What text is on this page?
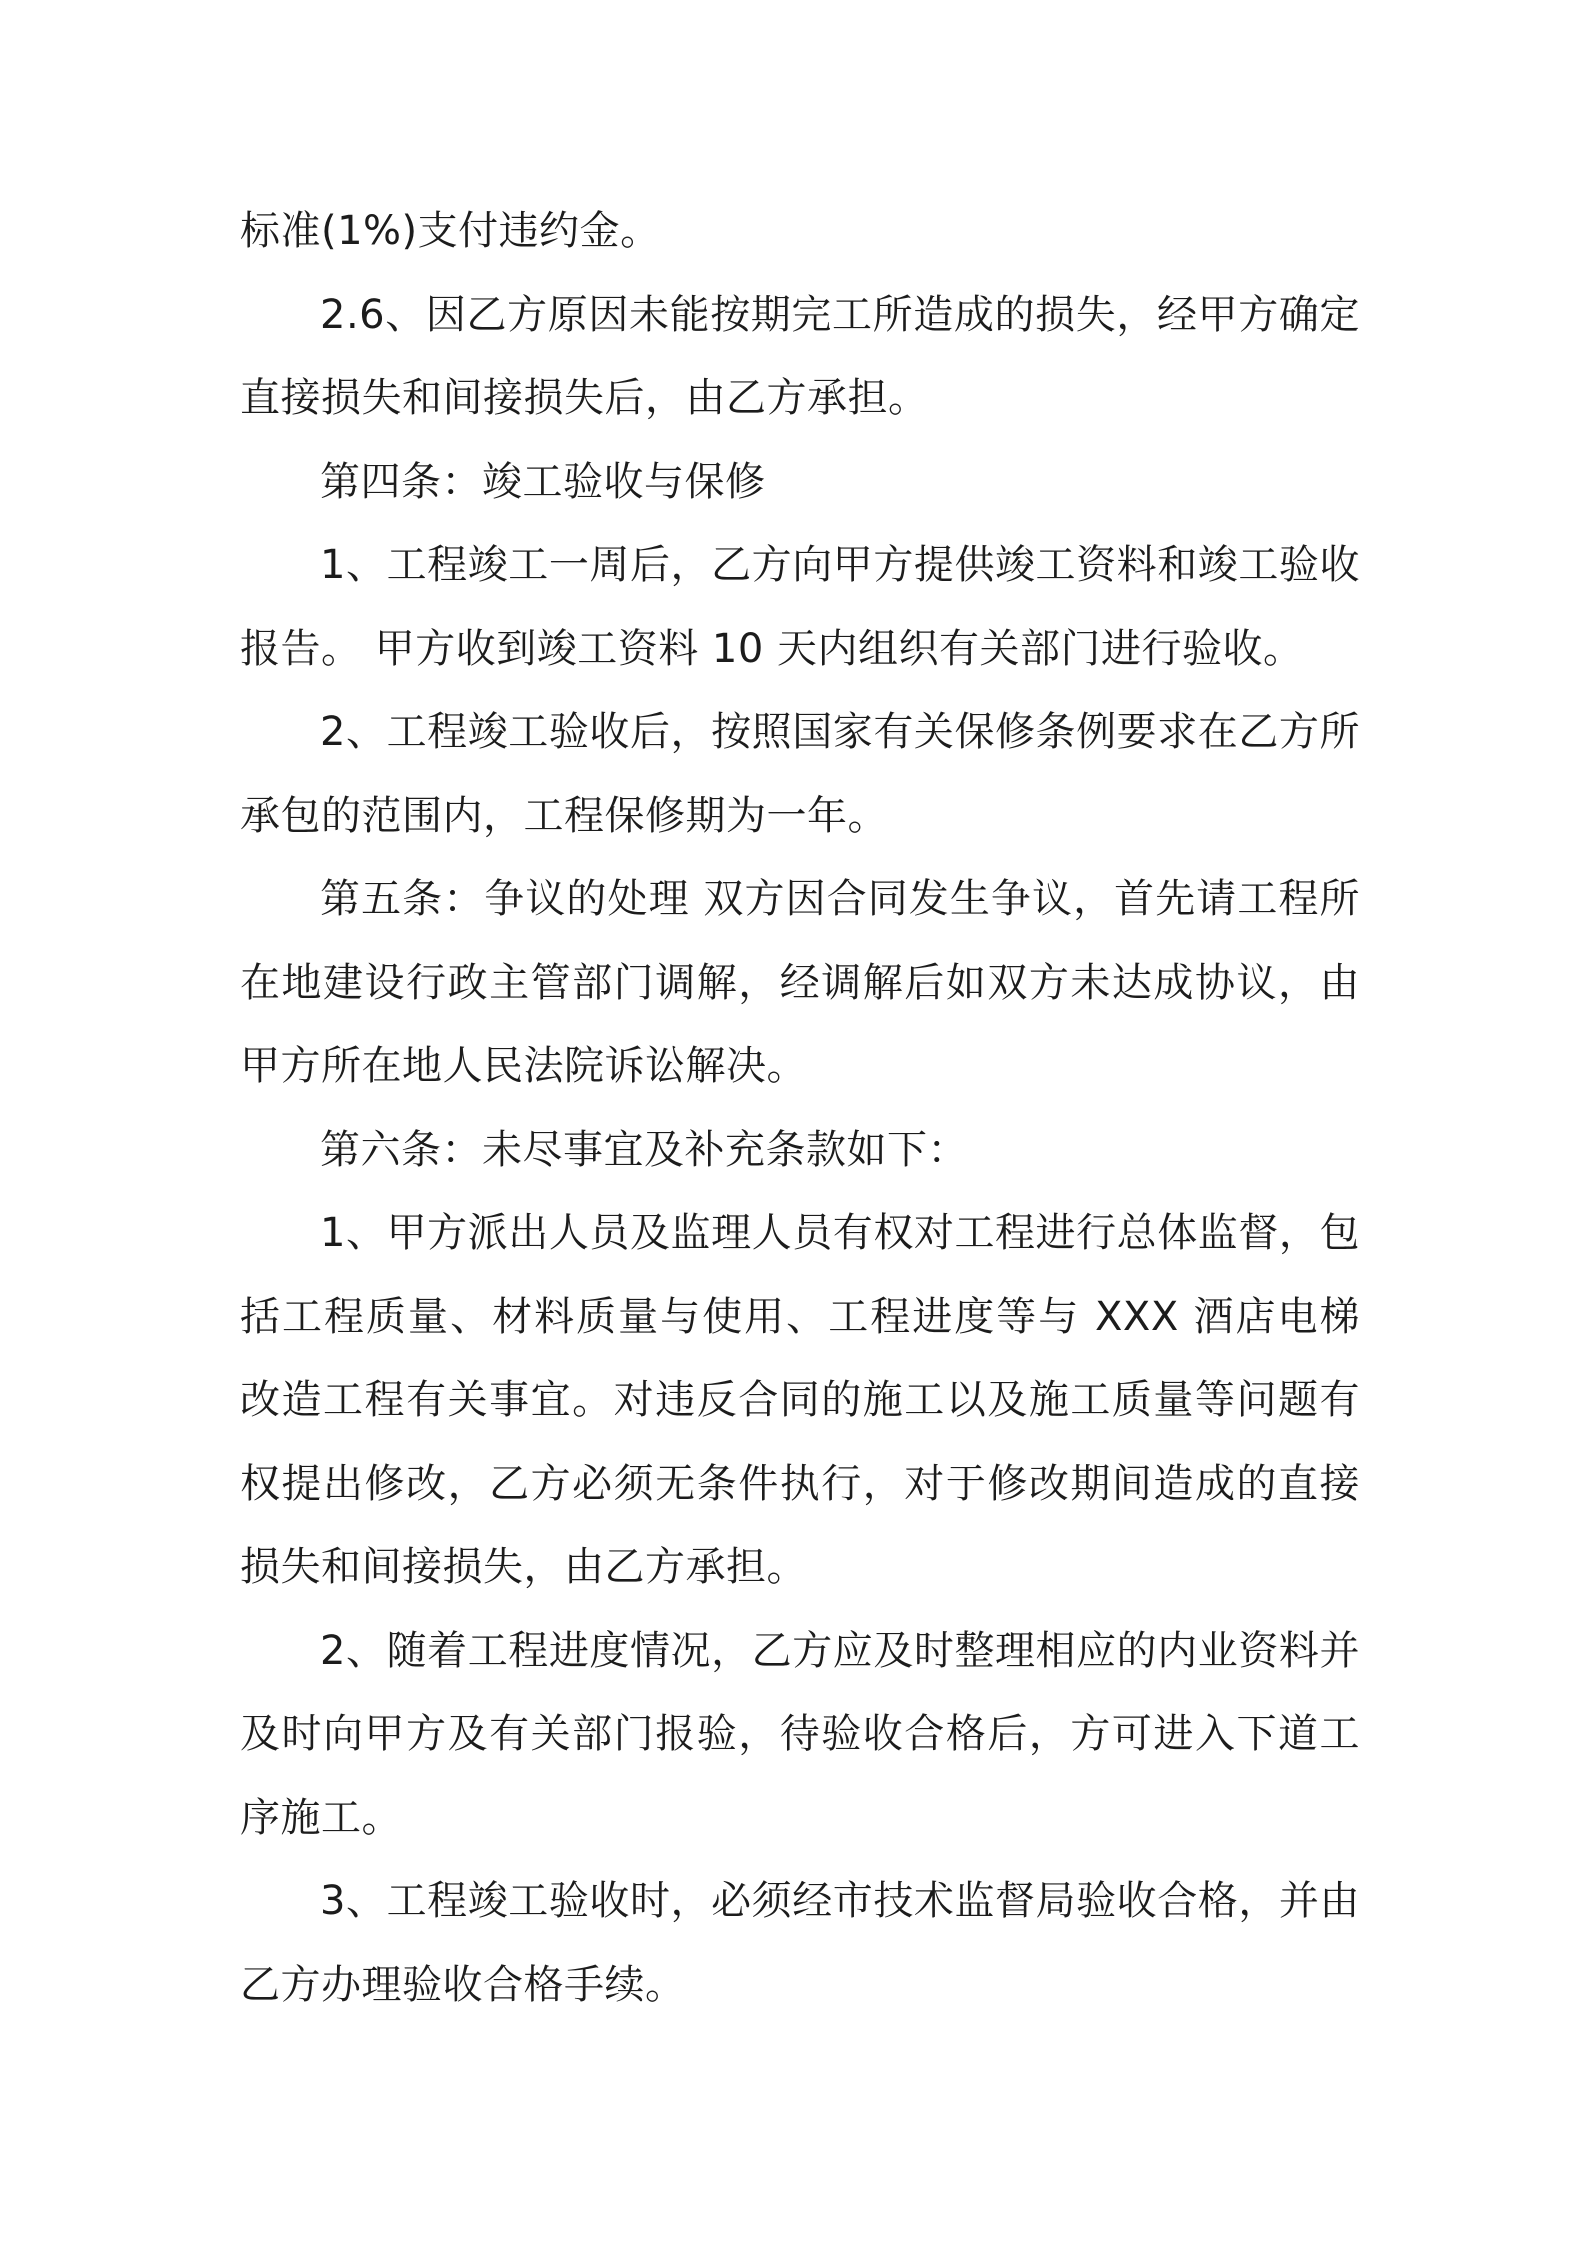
标准(1%)支付违约金。

2.6、因乙方原因未能按期完工所造成的损失，经甲方确定直接损失和间接损失后，由乙方承担。

第四条：竣工验收与保修

1、工程竣工一周后，乙方向甲方提供竣工资料和竣工验收报告。 甲方收到竣工资料 10 天内组织有关部门进行验收。

2、工程竣工验收后，按照国家有关保修条例要求在乙方所承包的范围内，工程保修期为一年。

第五条：争议的处理 双方因合同发生争议，首先请工程所在地建设行政主管部门调解，经调解后如双方未达成协议，由甲方所在地人民法院诉讼解决。

第六条：未尽事宜及补充条款如下：

1、甲方派出人员及监理人员有权对工程进行总体监督，包括工程质量、材料质量与使用、工程进度等与 XXX 酒店电梯改造工程有关事宜。对违反合同的施工以及施工质量等问题有权提出修改，乙方必须无条件执行，对于修改期间造成的直接损失和间接损失，由乙方承担。

2、随着工程进度情况，乙方应及时整理相应的内业资料并及时向甲方及有关部门报验，待验收合格后，方可进入下道工序施工。

3、工程竣工验收时，必须经市技术监督局验收合格，并由乙方办理验收合格手续。
